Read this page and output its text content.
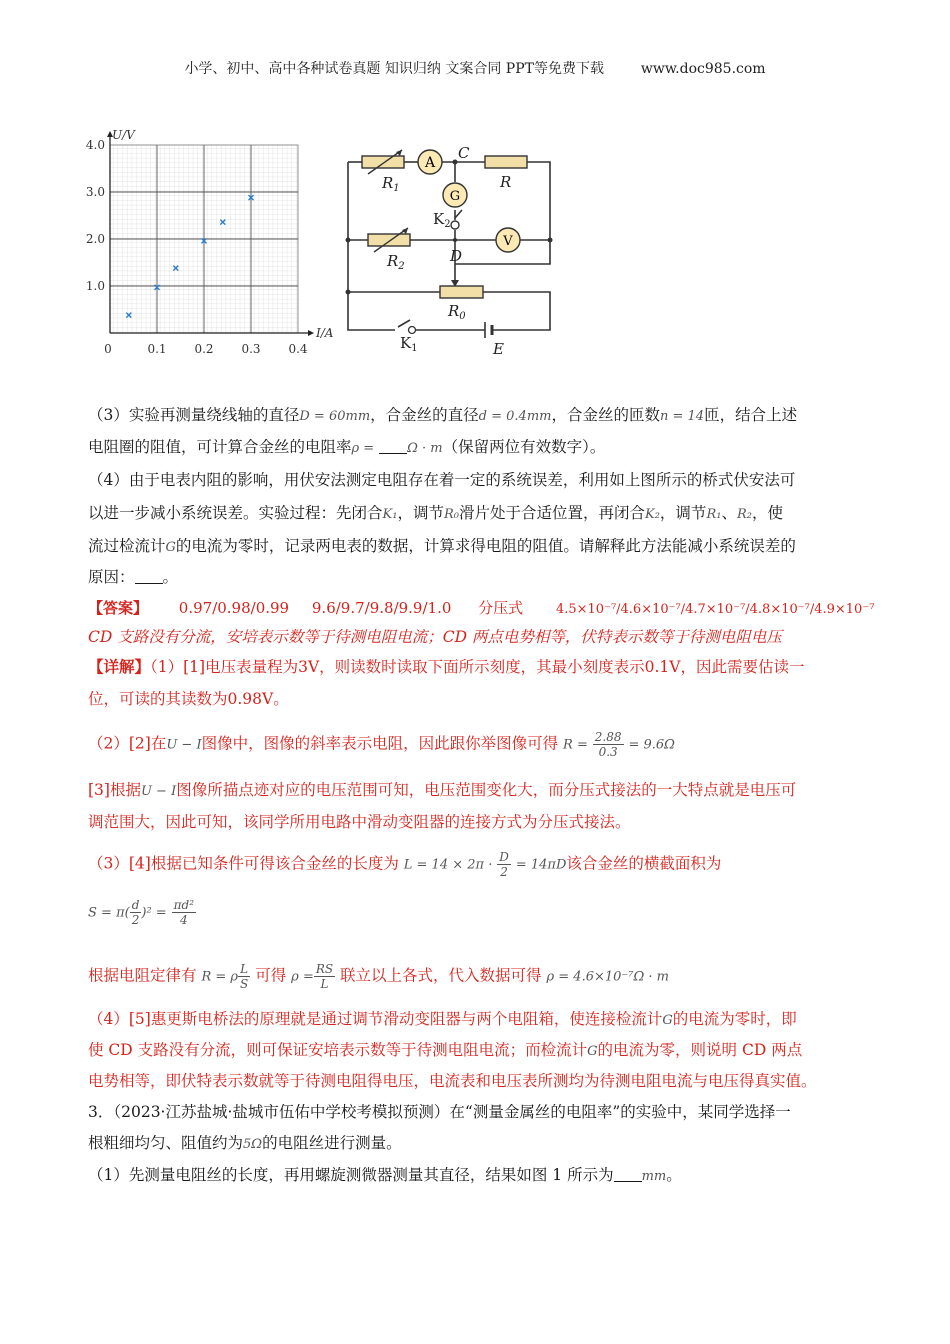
小学、初中、高中各种试卷真题 知识归纳 文案合同 PPT等免费下载	www.doc985.com
U/V
I/A
0
4.0
3.0
2.0
1.0
0.1 0.2 0.3 0.4
A
G
V
$R_1$
C
R
$R_2$
D
$R_0$
E
$K_2$
$K_1$
（3）实验再测量绕线轴的直径D = 60mm，合金丝的直径d = 0.4mm，合金丝的匝数n = 14匝，结合上述
电阻圈的阻值，可计算合金丝的电阻率ρ =	Ω · m（保留两位有效数字）。
（4）由于电表内阻的影响，用伏安法测定电阻存在着一定的系统误差，利用如上图所示的桥式伏安法可
以进一步减小系统误差。实验过程：先闭合K₁，调节R₀滑片处于合适位置，再闭合K₂，调节R₁、R₂，使
流过检流计G的电流为零时，记录两电表的数据，计算求得电阻的阻值。请解释此方法能减小系统误差的
原因： 。
【答案】 0.97/0.98/0.99 9.6/9.7/9.8/9.9/1.0 分压式	4.5×10⁻⁷/4.6×10⁻⁷/4.7×10⁻⁷/4.8×10⁻⁷/4.9×10⁻⁷
CD 支路没有分流，安培表示数等于待测电阻电流；CD 两点电势相等，伏特表示数等于待测电阻电压
【详解】（1）[1]电压表量程为3V，则读数时读取下面所示刻度，其最小刻度表示0.1V，因此需要估读一
位，可读的其读数为0.98V。
（2）[2]在U − I图像中，图像的斜率表示电阻，因此跟你举图像可得 $R = \frac{2.88}{0.3} = 9.6\Omega$
[3]根据U − I图像所描点迹对应的电压范围可知，电压范围变化大，而分压式接法的一大特点就是电压可
调范围大，因此可知，该同学所用电路中滑动变阻器的连接方式为分压式接法。
（3）[4]根据已知条件可得该合金丝的长度为 $L = 14 \times 2\pi \cdot \frac{D}{2} = 14\pi D$该合金丝的横截面积为
$S = \pi( \frac{d}{2} )^2 = \frac{\text{πd²}}{4}$
根据电阻定律有 R = ρ $\frac{L}{S}$ 可得 $\rho = \frac{RS}{L}$ 联立以上各式，代入数据可得 ρ = 4.6×10⁻⁷Ω · m
（4）[5]惠更斯电桥法的原理就是通过调节滑动变阻器与两个电阻箱，使连接检流计G的电流为零时，即
使 CD 支路没有分流，则可保证安培表示数等于待测电阻电流；而检流计G的电流为零，则说明 CD 两点
电势相等，即伏特表示数就等于待测电阻得电压，电流表和电压表所测均为待测电阻电流与电压得真实值。
3．（2023·江苏盐城·盐城市伍佑中学校考模拟预测）在“测量金属丝的电阻率”的实验中，某同学选择一
根粗细均匀、阻值约为5Ω的电阻丝进行测量。
（1）先测量电阻丝的长度，再用螺旋测微器测量其直径，结果如图 1 所示为 mm。
